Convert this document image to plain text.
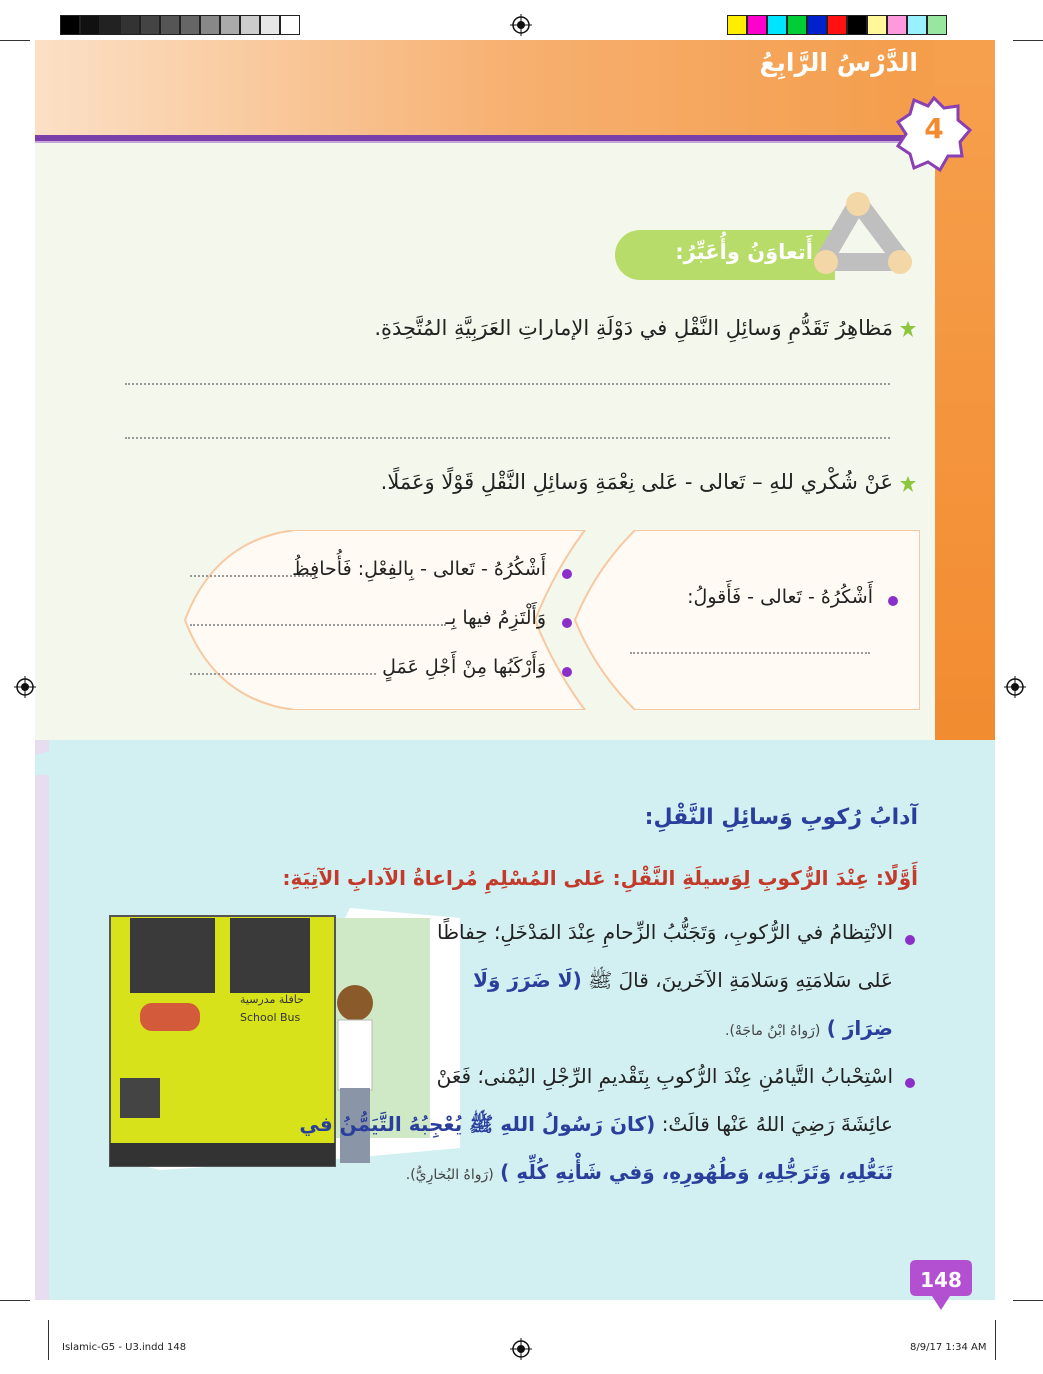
الدَّرْسُ الرَّابِعُ
4
أَتعاوَنُ وأُعَبِّرُ:
مَظاهِرُ تَقَدُّمِ وَسائِلِ النَّقْلِ في دَوْلَةِ الإماراتِ العَرَبِيَّةِ المُتَّحِدَةِ.
عَنْ شُكْري للهِ – تَعالى - عَلى نِعْمَةِ وَسائِلِ النَّقْلِ قَوْلًا وَعَمَلًا.
أَشْكُرُهُ - تَعالى - فَأَقولُ:
أَشْكُرُهُ - تَعالى - بِالفِعْلِ: فَأُحافِظُ
وَأَلْتَزِمُ فيها بِـ
وَأَرْكَبُها مِنْ أَجْلِ عَمَلٍ
آدابُ رُكوبِ وَسائِلِ النَّقْلِ:
أَوَّلًا: عِنْدَ الرُّكوبِ لِوَسيلَةِ النَّقْلِ: عَلى المُسْلِمِ مُراعاةُ الآدابِ الآتِيَةِ:
حافلة مدرسية
School Bus
الانْتِظامُ في الرُّكوبِ، وَتَجَنُّبُ الزِّحامِ عِنْدَ المَدْخَلِ؛ حِفاظًا
عَلى سَلامَتِهِ وَسَلامَةِ الآخَرينَ، قالَ ﷺ (لَا ضَرَرَ وَلَا
ضِرَارَ ) (رَواهُ ابْنُ ماجَهْ).
اسْتِحْبابُ التَّيامُنِ عِنْدَ الرُّكوبِ بِتَقْديمِ الرِّجْلِ اليُمْنى؛ فَعَنْ
عائِشَةَ رَضِيَ اللهُ عَنْها قالَتْ: (كانَ رَسُولُ اللهِ ﷺ يُعْجِبُهُ التَّيَمُّنُ في
تَنَعُّلِهِ، وَتَرَجُّلِهِ، وَطُهُورِهِ، وَفي شَأْنِهِ كُلِّهِ ) (رَواهُ البُخارِيُّ).
148
Islamic-G5 - U3.indd 148	8/9/17 1:34 AM
